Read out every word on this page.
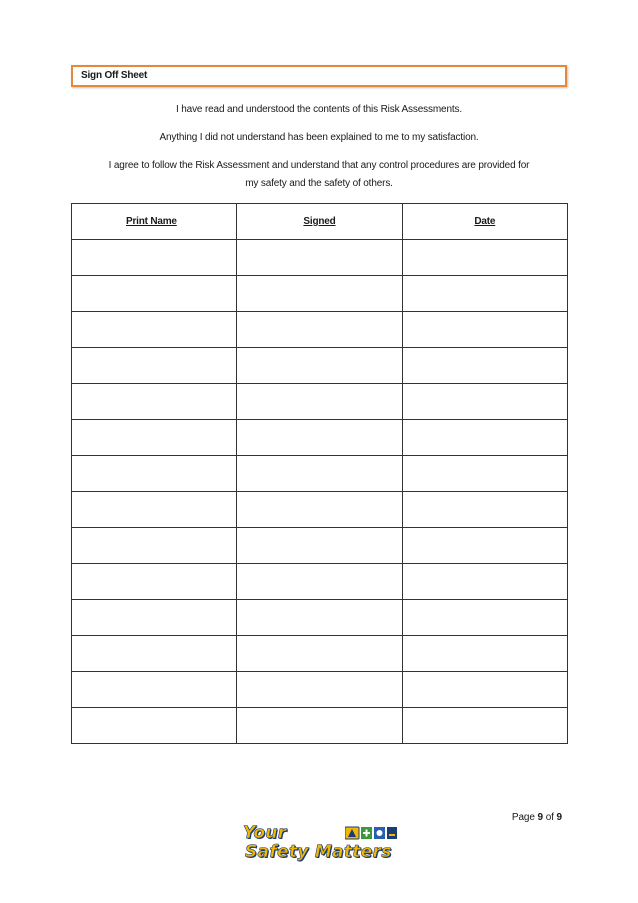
Sign Off Sheet
I have read and understood the contents of this Risk Assessments.
Anything I did not understand has been explained to me to my satisfaction.
I agree to follow the Risk Assessment and understand that any control procedures are provided for
my safety and the safety of others.
Print Name	Signed	Date

Page 9 of 9
Your
Safety Matters
